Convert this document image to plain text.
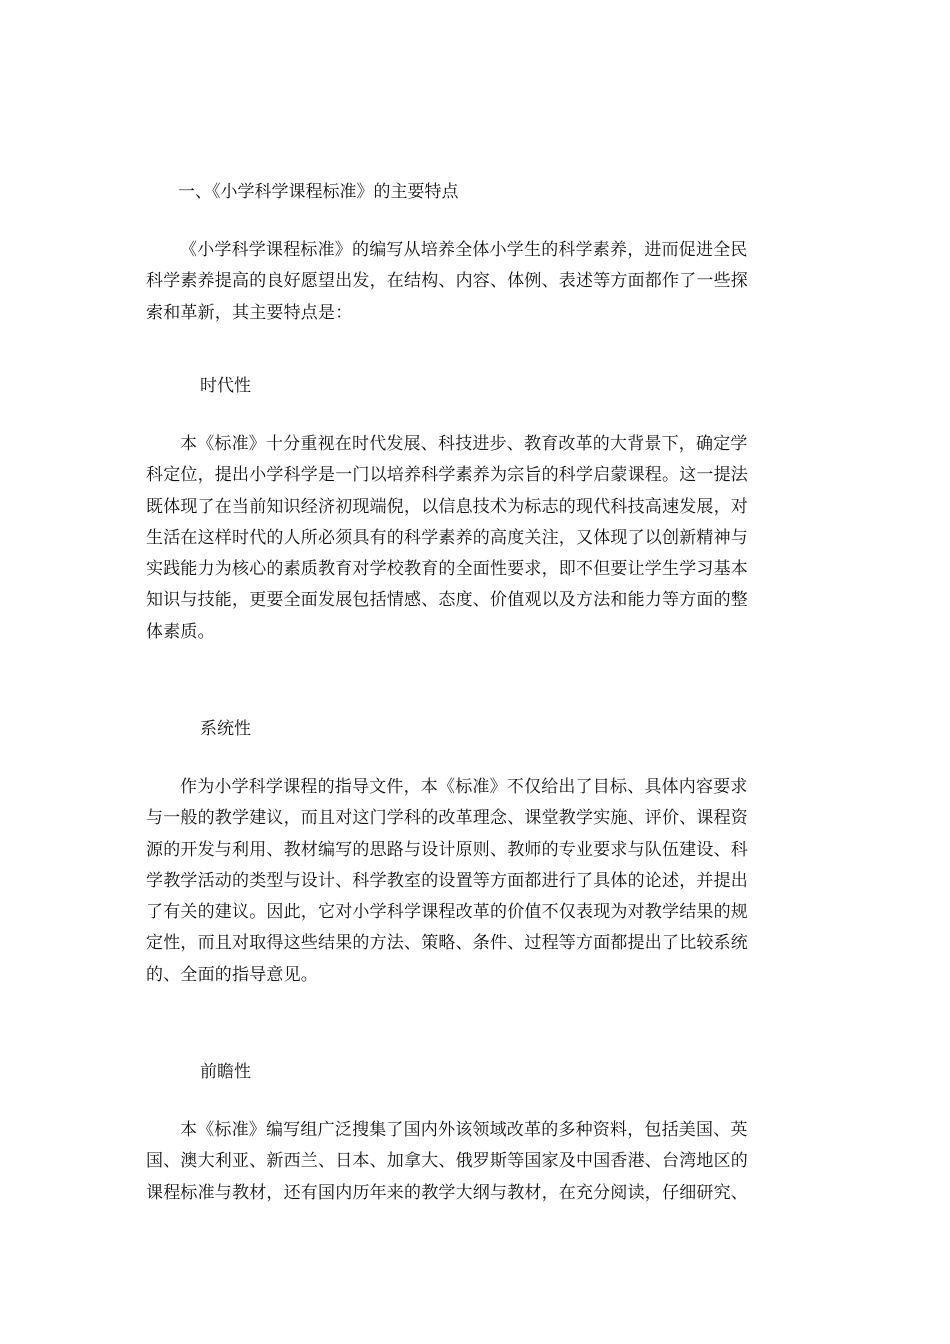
一、《小学科学课程标准》的主要特点

《小学科学课程标准》的编写从培养全体小学生的科学素养，进而促进全民
科学素养提高的良好愿望出发，在结构、内容、体例、表述等方面都作了一些探
索和革新，其主要特点是：

时代性

本《标准》十分重视在时代发展、科技进步、教育改革的大背景下，确定学
科定位，提出小学科学是一门以培养科学素养为宗旨的科学启蒙课程。这一提法
既体现了在当前知识经济初现端倪，以信息技术为标志的现代科技高速发展，对
生活在这样时代的人所必须具有的科学素养的高度关注，又体现了以创新精神与
实践能力为核心的素质教育对学校教育的全面性要求，即不但要让学生学习基本
知识与技能，更要全面发展包括情感、态度、价值观以及方法和能力等方面的整
体素质。

系统性

作为小学科学课程的指导文件，本《标准》不仅给出了目标、具体内容要求
与一般的教学建议，而且对这门学科的改革理念、课堂教学实施、评价、课程资
源的开发与利用、教材编写的思路与设计原则、教师的专业要求与队伍建设、科
学教学活动的类型与设计、科学教室的设置等方面都进行了具体的论述，并提出
了有关的建议。因此，它对小学科学课程改革的价值不仅表现为对教学结果的规
定性，而且对取得这些结果的方法、策略、条件、过程等方面都提出了比较系统
的、全面的指导意见。

前瞻性

本《标准》编写组广泛搜集了国内外该领域改革的多种资料，包括美国、英
国、澳大利亚、新西兰、日本、加拿大、俄罗斯等国家及中国香港、台湾地区的
课程标准与教材，还有国内历年来的教学大纲与教材，在充分阅读，仔细研究、
